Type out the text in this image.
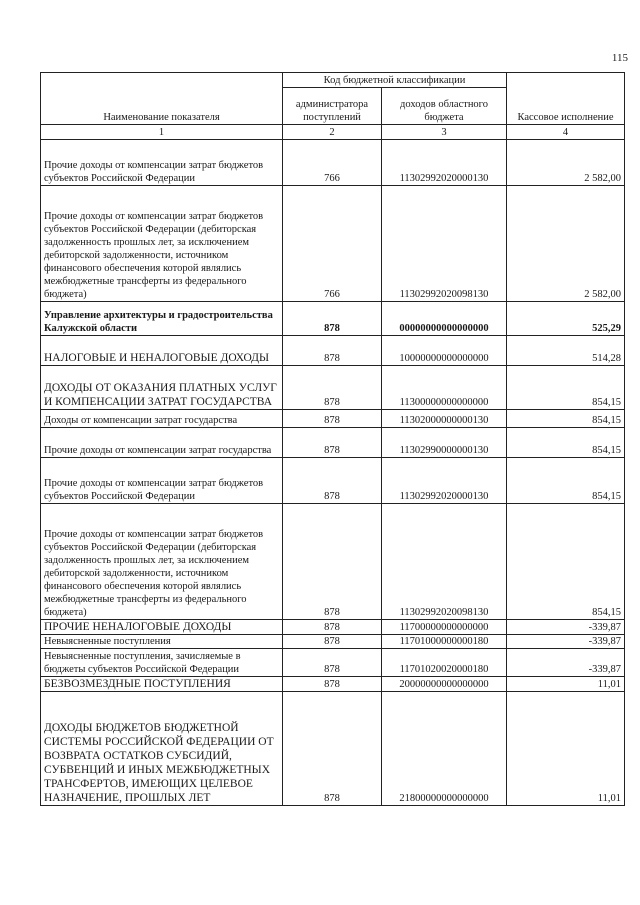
115
Наименование показателя	Код бюджетной классификации		Кассовое исполнение
	администратора поступлений	доходов областного бюджета	
1	2	3	4
Прочие доходы от компенсации затрат бюджетов субъектов Российской Федерации	766	11302992020000130	2 582,00
Прочие доходы от компенсации затрат бюджетов субъектов Российской Федерации (дебиторская задолженность прошлых лет, за исключением дебиторской задолженности, источником финансового обеспечения которой являлись межбюджетные трансферты из федерального бюджета)	766	11302992020098130	2 582,00
Управление архитектуры и градостроительства Калужской области	878	00000000000000000	525,29
НАЛОГОВЫЕ И НЕНАЛОГОВЫЕ ДОХОДЫ	878	10000000000000000	514,28
ДОХОДЫ ОТ ОКАЗАНИЯ ПЛАТНЫХ УСЛУГ И КОМПЕНСАЦИИ ЗАТРАТ ГОСУДАРСТВА	878	11300000000000000	854,15
Доходы от компенсации затрат государства	878	11302000000000130	854,15
Прочие доходы от компенсации затрат государства	878	11302990000000130	854,15
Прочие доходы от компенсации затрат бюджетов субъектов Российской Федерации	878	11302992020000130	854,15
Прочие доходы от компенсации затрат бюджетов субъектов Российской Федерации (дебиторская задолженность прошлых лет, за исключением дебиторской задолженности, источником финансового обеспечения которой являлись межбюджетные трансферты из федерального бюджета)	878	11302992020098130	854,15
ПРОЧИЕ НЕНАЛОГОВЫЕ ДОХОДЫ	878	11700000000000000	-339,87
Невыясненные поступления	878	11701000000000180	-339,87
Невыясненные поступления, зачисляемые в бюджеты субъектов Российской Федерации	878	11701020020000180	-339,87
БЕЗВОЗМЕЗДНЫЕ ПОСТУПЛЕНИЯ	878	20000000000000000	11,01
ДОХОДЫ БЮДЖЕТОВ БЮДЖЕТНОЙ СИСТЕМЫ РОССИЙСКОЙ ФЕДЕРАЦИИ ОТ ВОЗВРАТА ОСТАТКОВ СУБСИДИЙ, СУБВЕНЦИЙ И ИНЫХ МЕЖБЮДЖЕТНЫХ ТРАНСФЕРТОВ, ИМЕЮЩИХ ЦЕЛЕВОЕ НАЗНАЧЕНИЕ, ПРОШЛЫХ ЛЕТ	878	21800000000000000	11,01
